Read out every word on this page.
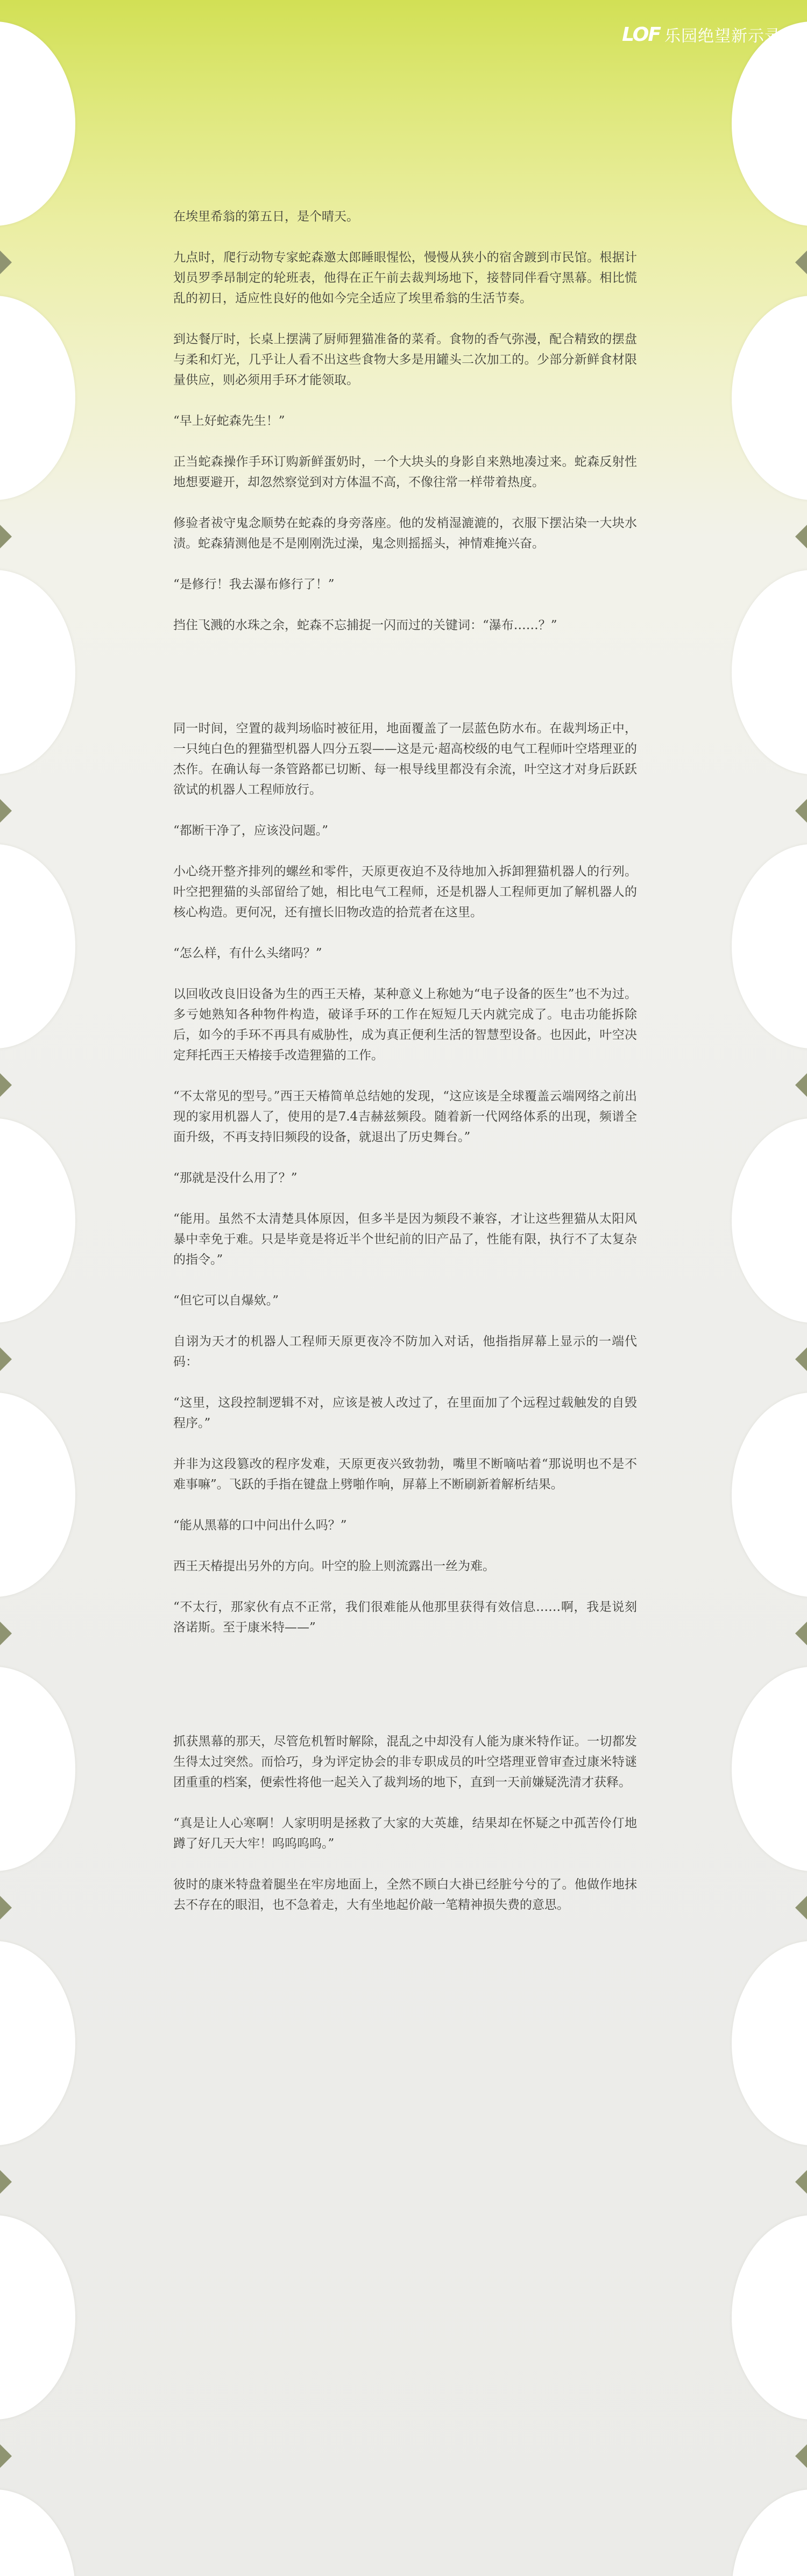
LOF 乐园绝望新示录

在埃里希翁的第五日，是个晴天。

九点时，爬行动物专家蛇森邀太郎睡眼惺忪，慢慢从狭小的宿舍踱到市民馆。根据计划员罗季昂制定的轮班表，他得在正午前去裁判场地下，接替同伴看守黑幕。相比慌乱的初日，适应性良好的他如今完全适应了埃里希翁的生活节奏。

到达餐厅时，长桌上摆满了厨师狸猫准备的菜肴。食物的香气弥漫，配合精致的摆盘与柔和灯光，几乎让人看不出这些食物大多是用罐头二次加工的。少部分新鲜食材限量供应，则必须用手环才能领取。

“早上好蛇森先生！”

正当蛇森操作手环订购新鲜蛋奶时，一个大块头的身影自来熟地凑过来。蛇森反射性地想要避开，却忽然察觉到对方体温不高，不像往常一样带着热度。

修验者祓守鬼念顺势在蛇森的身旁落座。他的发梢湿漉漉的，衣服下摆沾染一大块水渍。蛇森猜测他是不是刚刚洗过澡，鬼念则摇摇头，神情难掩兴奋。

“是修行！我去瀑布修行了！”

挡住飞溅的水珠之余，蛇森不忘捕捉一闪而过的关键词：“瀑布……？”

同一时间，空置的裁判场临时被征用，地面覆盖了一层蓝色防水布。在裁判场正中，一只纯白色的狸猫型机器人四分五裂——这是元·超高校级的电气工程师叶空塔理亚的杰作。在确认每一条管路都已切断、每一根导线里都没有余流，叶空这才对身后跃跃欲试的机器人工程师放行。

“都断干净了，应该没问题。”

小心绕开整齐排列的螺丝和零件，天原更夜迫不及待地加入拆卸狸猫机器人的行列。叶空把狸猫的头部留给了她，相比电气工程师，还是机器人工程师更加了解机器人的核心构造。更何况，还有擅长旧物改造的拾荒者在这里。

“怎么样，有什么头绪吗？”

以回收改良旧设备为生的西王天椿，某种意义上称她为“电子设备的医生”也不为过。多亏她熟知各种物件构造，破译手环的工作在短短几天内就完成了。电击功能拆除后，如今的手环不再具有威胁性，成为真正便利生活的智慧型设备。也因此，叶空决定拜托西王天椿接手改造狸猫的工作。

“不太常见的型号。”西王天椿简单总结她的发现，“这应该是全球覆盖云端网络之前出现的家用机器人了，使用的是7.4吉赫兹频段。随着新一代网络体系的出现，频谱全面升级，不再支持旧频段的设备，就退出了历史舞台。”

“那就是没什么用了？”

“能用。虽然不太清楚具体原因，但多半是因为频段不兼容，才让这些狸猫从太阳风暴中幸免于难。只是毕竟是将近半个世纪前的旧产品了，性能有限，执行不了太复杂的指令。”

“但它可以自爆欸。”

自诩为天才的机器人工程师天原更夜冷不防加入对话，他指指屏幕上显示的一端代码：

“这里，这段控制逻辑不对，应该是被人改过了，在里面加了个远程过载触发的自毁程序。”

并非为这段篡改的程序发难，天原更夜兴致勃勃，嘴里不断嘀咕着“那说明也不是不难事嘛”。飞跃的手指在键盘上劈啪作响，屏幕上不断刷新着解析结果。

“能从黑幕的口中问出什么吗？”

西王天椿提出另外的方向。叶空的脸上则流露出一丝为难。

“不太行，那家伙有点不正常，我们很难能从他那里获得有效信息……啊，我是说刻洛诺斯。至于康米特——”

抓获黑幕的那天，尽管危机暂时解除，混乱之中却没有人能为康米特作证。一切都发生得太过突然。而恰巧，身为评定协会的非专职成员的叶空塔理亚曾审查过康米特谜团重重的档案，便索性将他一起关入了裁判场的地下，直到一天前嫌疑洗清才获释。

“真是让人心寒啊！人家明明是拯救了大家的大英雄，结果却在怀疑之中孤苦伶仃地蹲了好几天大牢！呜呜呜呜。”

彼时的康米特盘着腿坐在牢房地面上，全然不顾白大褂已经脏兮兮的了。他做作地抹去不存在的眼泪，也不急着走，大有坐地起价敲一笔精神损失费的意思。
